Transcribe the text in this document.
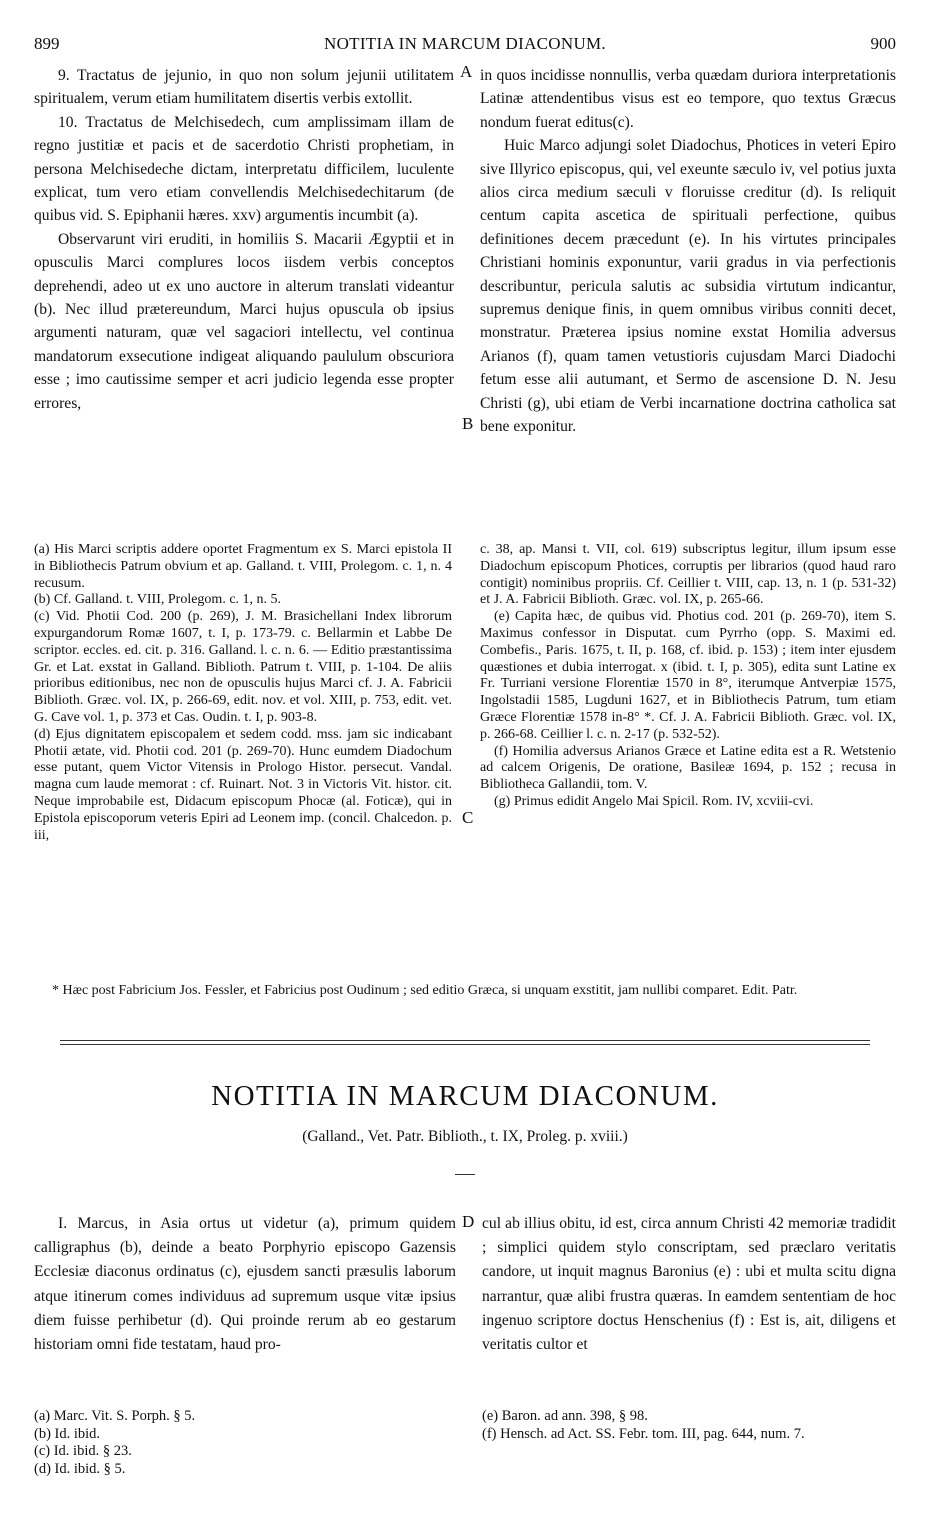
899	NOTITIA IN MARCUM DIACONUM.	900

9. Tractatus de jejunio, in quo non solum jejunii utilitatem spiritualem, verum etiam humilitatem disertis verbis extollit.

10. Tractatus de Melchisedech, cum amplissimam illam de regno justitiæ et pacis et de sacerdotio Christi prophetiam, in persona Melchisedeche dictam, interpretatu difficilem, luculente explicat, tum vero etiam convellendis Melchisedechitarum (de quibus vid. S. Epiphanii hæres. xxv) argumentis incumbit (a).

Observarunt viri eruditi, in homiliis S. Macarii Ægyptii et in opusculis Marci complures locos iisdem verbis conceptos deprehendi, adeo ut ex uno auctore in alterum translati videantur (b). Nec illud prætereundum, Marci hujus opuscula ob ipsius argumenti naturam, quæ vel sagaciori intellectu, vel continua mandatorum exsecutione indigeat aliquando paululum obscuriora esse ; imo cautissime semper et acri judicio legenda esse propter errores,

A
B

in quos incidisse nonnullis, verba quædam duriora interpretationis Latinæ attendentibus visus est eo tempore, quo textus Græcus nondum fuerat editus(c).

Huic Marco adjungi solet Diadochus, Photices in veteri Epiro sive Illyrico episcopus, qui, vel exeunte sæculo iv, vel potius juxta alios circa medium sæculi v floruisse creditur (d). Is reliquit centum capita ascetica de spirituali perfectione, quibus definitiones decem præcedunt (e). In his virtutes principales Christiani hominis exponuntur, varii gradus in via perfectionis describuntur, pericula salutis ac subsidia virtutum indicantur, supremus denique finis, in quem omnibus viribus conniti decet, monstratur. Præterea ipsius nomine exstat Homilia adversus Arianos (f), quam tamen vetustioris cujusdam Marci Diadochi fetum esse alii autumant, et Sermo de ascensione D. N. Jesu Christi (g), ubi etiam de Verbi incarnatione doctrina catholica sat bene exponitur.

(a) His Marci scriptis addere oportet Fragmentum ex S. Marci epistola II in Bibliothecis Patrum obvium et ap. Galland. t. VIII, Prolegom. c. 1, n. 4 recusum.

(b) Cf. Galland. t. VIII, Prolegom. c. 1, n. 5.

(c) Vid. Photii Cod. 200 (p. 269), J. M. Brasichellani Index librorum expurgandorum Romæ 1607, t. I, p. 173-79. c. Bellarmin et Labbe De scriptor. eccles. ed. cit. p. 316. Galland. l. c. n. 6. — Editio præstantissima Gr. et Lat. exstat in Galland. Biblioth. Patrum t. VIII, p. 1-104. De aliis prioribus editionibus, nec non de opusculis hujus Marci cf. J. A. Fabricii Biblioth. Græc. vol. IX, p. 266-69, edit. nov. et vol. XIII, p. 753, edit. vet. G. Cave vol. 1, p. 373 et Cas. Oudin. t. I, p. 903-8.

(d) Ejus dignitatem episcopalem et sedem codd. mss. jam sic indicabant Photii ætate, vid. Photii cod. 201 (p. 269-70). Hunc eumdem Diadochum esse putant, quem Victor Vitensis in Prologo Histor. persecut. Vandal. magna cum laude memorat : cf. Ruinart. Not. 3 in Victoris Vit. histor. cit. Neque improbabile est, Didacum episcopum Phocæ (al. Foticæ), qui in Epistola episcoporum veteris Epiri ad Leonem imp. (concil. Chalcedon. p. iii,

C

c. 38, ap. Mansi t. VII, col. 619) subscriptus legitur, illum ipsum esse Diadochum episcopum Photices, corruptis per librarios (quod haud raro contigit) nominibus propriis. Cf. Ceillier t. VIII, cap. 13, n. 1 (p. 531-32) et J. A. Fabricii Biblioth. Græc. vol. IX, p. 265-66.

(e) Capita hæc, de quibus vid. Photius cod. 201 (p. 269-70), item S. Maximus confessor in Disputat. cum Pyrrho (opp. S. Maximi ed. Combefis., Paris. 1675, t. II, p. 168, cf. ibid. p. 153) ; item inter ejusdem quæstiones et dubia interrogat. x (ibid. t. I, p. 305), edita sunt Latine ex Fr. Turriani versione Florentiæ 1570 in 8°, iterumque Antverpiæ 1575, Ingolstadii 1585, Lugduni 1627, et in Bibliothecis Patrum, tum etiam Græce Florentiæ 1578 in-8° *. Cf. J. A. Fabricii Biblioth. Græc. vol. IX, p. 266-68. Ceillier l. c. n. 2-17 (p. 532-52).

(f) Homilia adversus Arianos Græce et Latine edita est a R. Wetstenio ad calcem Origenis, De oratione, Basileæ 1694, p. 152 ; recusa in Bibliotheca Gallandii, tom. V.

(g) Primus edidit Angelo Mai Spicil. Rom. IV, xcviii-cvi.

* Hæc post Fabricium Jos. Fessler, et Fabricius post Oudinum ; sed editio Græca, si unquam exstitit, jam nullibi comparet. Edit. Patr.
NOTITIA IN MARCUM DIACONUM.
(Galland., Vet. Patr. Biblioth., t. IX, Proleg. p. xviii.)

I. Marcus, in Asia ortus ut videtur (a), primum quidem calligraphus (b), deinde a beato Porphyrio episcopo Gazensis Ecclesiæ diaconus ordinatus (c), ejusdem sancti præsulis laborum atque itinerum comes individuus ad supremum usque vitæ ipsius diem fuisse perhibetur (d). Qui proinde rerum ab eo gestarum historiam omni fide testatam, haud pro-

D cul ab illius obitu, id est, circa annum Christi 42 memoriæ tradidit ; simplici quidem stylo conscriptam, sed præclaro veritatis candore, ut inquit magnus Baronius (e) : ubi et multa scitu digna narrantur, quæ alibi frustra quæras. In eamdem sententiam de hoc ingenuo scriptore doctus Henschenius (f) : Est is, ait, diligens et veritatis cultor et

(a) Marc. Vit. S. Porph. § 5.

(b) Id. ibid.

(c) Id. ibid. § 23.

(d) Id. ibid. § 5.

(e) Baron. ad ann. 398, § 98.

(f) Hensch. ad Act. SS. Febr. tom. III, pag. 644, num. 7.
